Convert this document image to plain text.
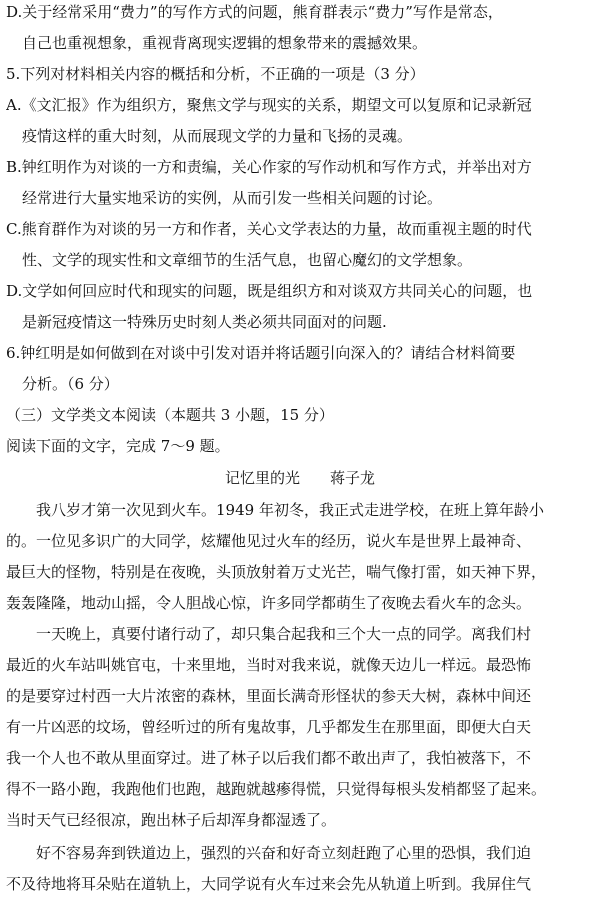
D.关于经常采用“费力”的写作方式的问题，熊育群表示“费力”写作是常态，
自己也重视想象，重视背离现实逻辑的想象带来的震撼效果。
5.下列对材料相关内容的概括和分析，不正确的一项是（3 分）
A.《文汇报》作为组织方，聚焦文学与现实的关系，期望文可以复原和记录新冠
疫情这样的重大时刻，从而展现文学的力量和飞扬的灵魂。
B.钟红明作为对谈的一方和责编，关心作家的写作动机和写作方式，并举出对方
经常进行大量实地采访的实例，从而引发一些相关问题的讨论。
C.熊育群作为对谈的另一方和作者，关心文学表达的力量，故而重视主题的时代
性、文学的现实性和文章细节的生活气息，也留心魔幻的文学想象。
D.文学如何回应时代和现实的问题，既是组织方和对谈双方共同关心的问题，也
是新冠疫情这一特殊历史时刻人类必须共同面对的问题.
6.钟红明是如何做到在对谈中引发对语并将话题引向深入的？请结合材料简要
分析。（6 分）
（三）文学类文本阅读（本题共 3 小题，15 分）
阅读下面的文字，完成 7～9 题。
记忆里的光　　蒋子龙
我八岁才第一次见到火车。1949 年初冬，我正式走进学校，在班上算年龄小
的。一位见多识广的大同学，炫耀他见过火车的经历，说火车是世界上最神奇、
最巨大的怪物，特别是在夜晚，头顶放射着万丈光芒，喘气像打雷，如天神下界，
轰轰隆隆，地动山摇，令人胆战心惊，许多同学都萌生了夜晚去看火车的念头。
一天晚上，真要付诸行动了，却只集合起我和三个大一点的同学。离我们村
最近的火车站叫姚官屯，十来里地，当时对我来说，就像天边儿一样远。最恐怖
的是要穿过村西一大片浓密的森林，里面长满奇形怪状的参天大树，森林中间还
有一片凶恶的坟场，曾经听过的所有鬼故事，几乎都发生在那里面，即便大白天
我一个人也不敢从里面穿过。进了林子以后我们都不敢出声了，我怕被落下，不
得不一路小跑，我跑他们也跑，越跑就越瘆得慌，只觉得每根头发梢都竖了起来。
当时天气已经很凉，跑出林子后却浑身都湿透了。
好不容易奔到铁道边上，强烈的兴奋和好奇立刻赶跑了心里的恐惧，我们迫
不及待地将耳朵贴在道轨上，大同学说有火车过来会先从轨道上听到。我屏住气
